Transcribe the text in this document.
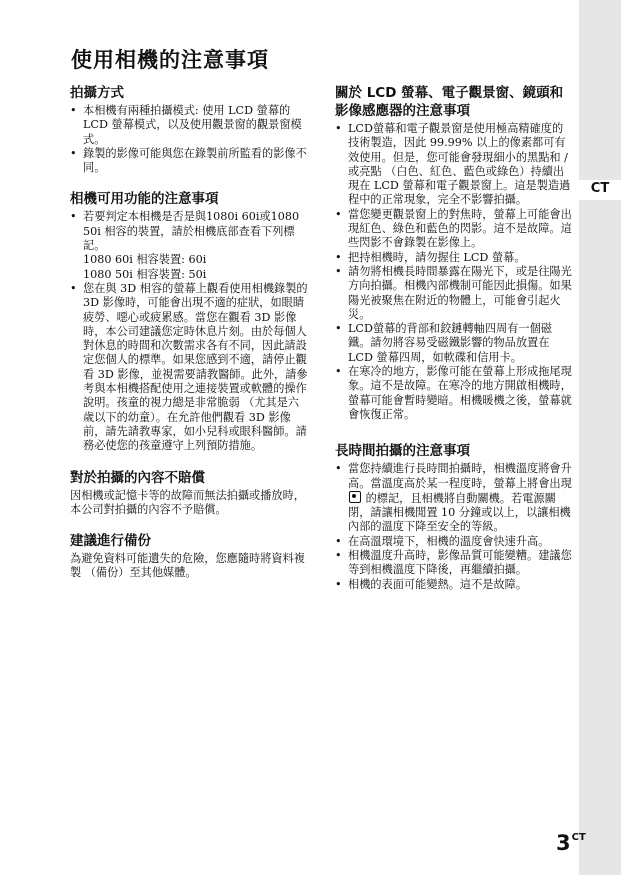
CT
使用相機的注意事項
拍攝方式
• 本相機有兩種拍攝模式: 使用 LCD 螢幕的 LCD 螢幕模式，以及使用觀景窗的觀景窗模式。
• 錄製的影像可能與您在錄製前所監看的影像不同。
相機可用功能的注意事項
• 若要判定本相機是否是與1080i 60i或1080 50i 相容的裝置，請於相機底部查看下列標記。
1080 60i 相容裝置: 60i
1080 50i 相容裝置: 50i
• 您在與 3D 相容的螢幕上觀看使用相機錄製的 3D 影像時，可能會出現不適的症狀，如眼睛疲勞、噁心或疲累感。當您在觀看 3D 影像時，本公司建議您定時休息片刻。由於每個人對休息的時間和次數需求各有不同，因此請設定您個人的標準。如果您感到不適，請停止觀看 3D 影像，並視需要請教醫師。此外，請參考與本相機搭配使用之連接裝置或軟體的操作說明。孩童的視力總是非常脆弱 （尤其是六歲以下的幼童）。在允許他們觀看 3D 影像前，請先請教專家，如小兒科或眼科醫師。請務必使您的孩童遵守上列預防措施。
對於拍攝的內容不賠償

因相機或記憶卡等的故障而無法拍攝或播放時，本公司對拍攝的內容不予賠償。

建議進行備份

為避免資料可能遺失的危險，您應隨時將資料複製 （備份）至其他媒體。

關於 LCD 螢幕、電子觀景窗、鏡頭和影像感應器的注意事項
• LCD螢幕和電子觀景窗是使用極高精確度的技術製造，因此 99.99% 以上的像素都可有效使用。但是，您可能會發現細小的黑點和 / 或亮點 （白色、紅色、藍色或綠色）持續出現在 LCD 螢幕和電子觀景窗上。這是製造過程中的正常現象，完全不影響拍攝。
• 當您變更觀景窗上的對焦時，螢幕上可能會出現紅色、綠色和藍色的閃影。這不是故障。這些閃影不會錄製在影像上。
• 把持相機時，請勿握住 LCD 螢幕。
• 請勿將相機長時間暴露在陽光下，或是往陽光方向拍攝。相機內部機制可能因此損傷。如果陽光被聚焦在附近的物體上，可能會引起火災。
• LCD螢幕的背部和鉸鏈轉軸四周有一個磁鐵。請勿將容易受磁鐵影響的物品放置在 LCD 螢幕四周，如軟碟和信用卡。
• 在寒冷的地方，影像可能在螢幕上形成拖尾現象。這不是故障。在寒冷的地方開啟相機時，螢幕可能會暫時變暗。相機暖機之後，螢幕就會恢復正常。
長時間拍攝的注意事項
• 當您持續進行長時間拍攝時，相機溫度將會升高。當溫度高於某一程度時，螢幕上將會出現  的標記，且相機將自動關機。若電源關閉，請讓相機閒置 10 分鐘或以上，以讓相機內部的溫度下降至安全的等級。
• 在高溫環境下，相機的溫度會快速升高。
• 相機溫度升高時，影像品質可能變糟。建議您等到相機溫度下降後，再繼續拍攝。
• 相機的表面可能變熱。這不是故障。
$3^{CT}$
